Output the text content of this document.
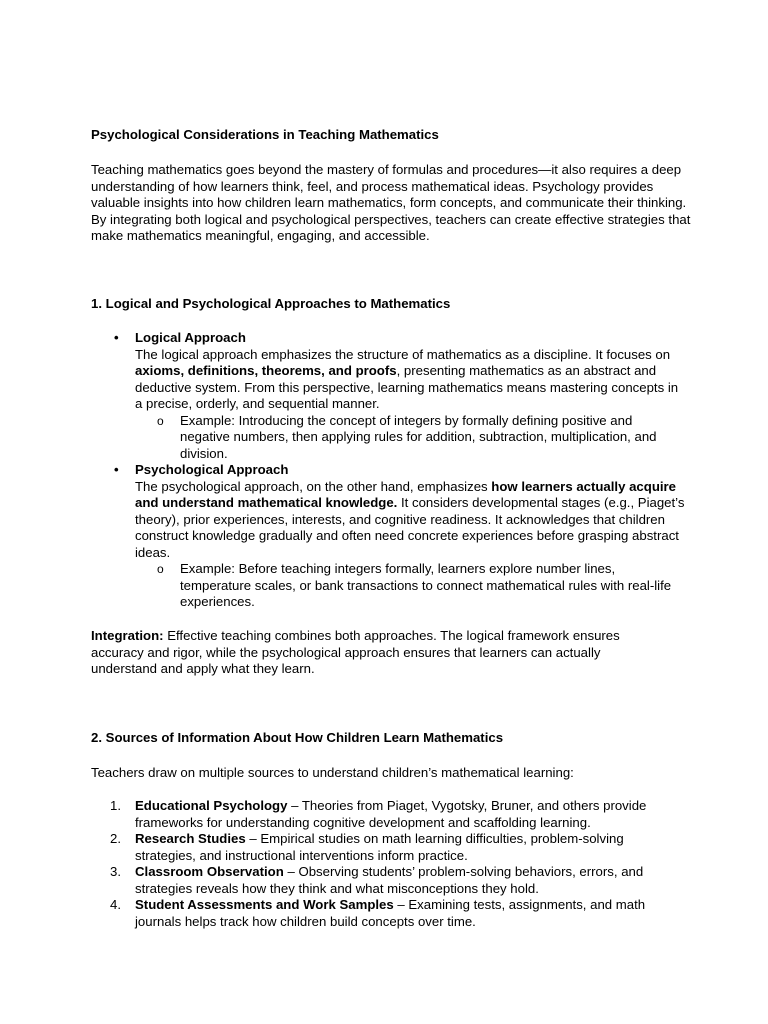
Psychological Considerations in Teaching Mathematics

Teaching mathematics goes beyond the mastery of formulas and procedures—it also requires a deep understanding of how learners think, feel, and process mathematical ideas. Psychology provides valuable insights into how children learn mathematics, form concepts, and communicate their thinking. By integrating both logical and psychological perspectives, teachers can create effective strategies that make mathematics meaningful, engaging, and accessible.

1. Logical and Psychological Approaches to Mathematics
• Logical Approach
The logical approach emphasizes the structure of mathematics as a discipline. It focuses on axioms, definitions, theorems, and proofs, presenting mathematics as an abstract and deductive system. From this perspective, learning mathematics means mastering concepts in a precise, orderly, and sequential manner.
o Example: Introducing the concept of integers by formally defining positive and negative numbers, then applying rules for addition, subtraction, multiplication, and division.
• Psychological Approach
The psychological approach, on the other hand, emphasizes how learners actually acquire and understand mathematical knowledge. It considers developmental stages (e.g., Piaget’s theory), prior experiences, interests, and cognitive readiness. It acknowledges that children construct knowledge gradually and often need concrete experiences before grasping abstract ideas.
o Example: Before teaching integers formally, learners explore number lines, temperature scales, or bank transactions to connect mathematical rules with real-life experiences.

Integration: Effective teaching combines both approaches. The logical framework ensures accuracy and rigor, while the psychological approach ensures that learners can actually understand and apply what they learn.

2. Sources of Information About How Children Learn Mathematics

Teachers draw on multiple sources to understand children’s mathematical learning:

1. Educational Psychology – Theories from Piaget, Vygotsky, Bruner, and others provide frameworks for understanding cognitive development and scaffolding learning.
2. Research Studies – Empirical studies on math learning difficulties, problem-solving strategies, and instructional interventions inform practice.
3. Classroom Observation – Observing students’ problem-solving behaviors, errors, and strategies reveals how they think and what misconceptions they hold.
4. Student Assessments and Work Samples – Examining tests, assignments, and math journals helps track how children build concepts over time.
